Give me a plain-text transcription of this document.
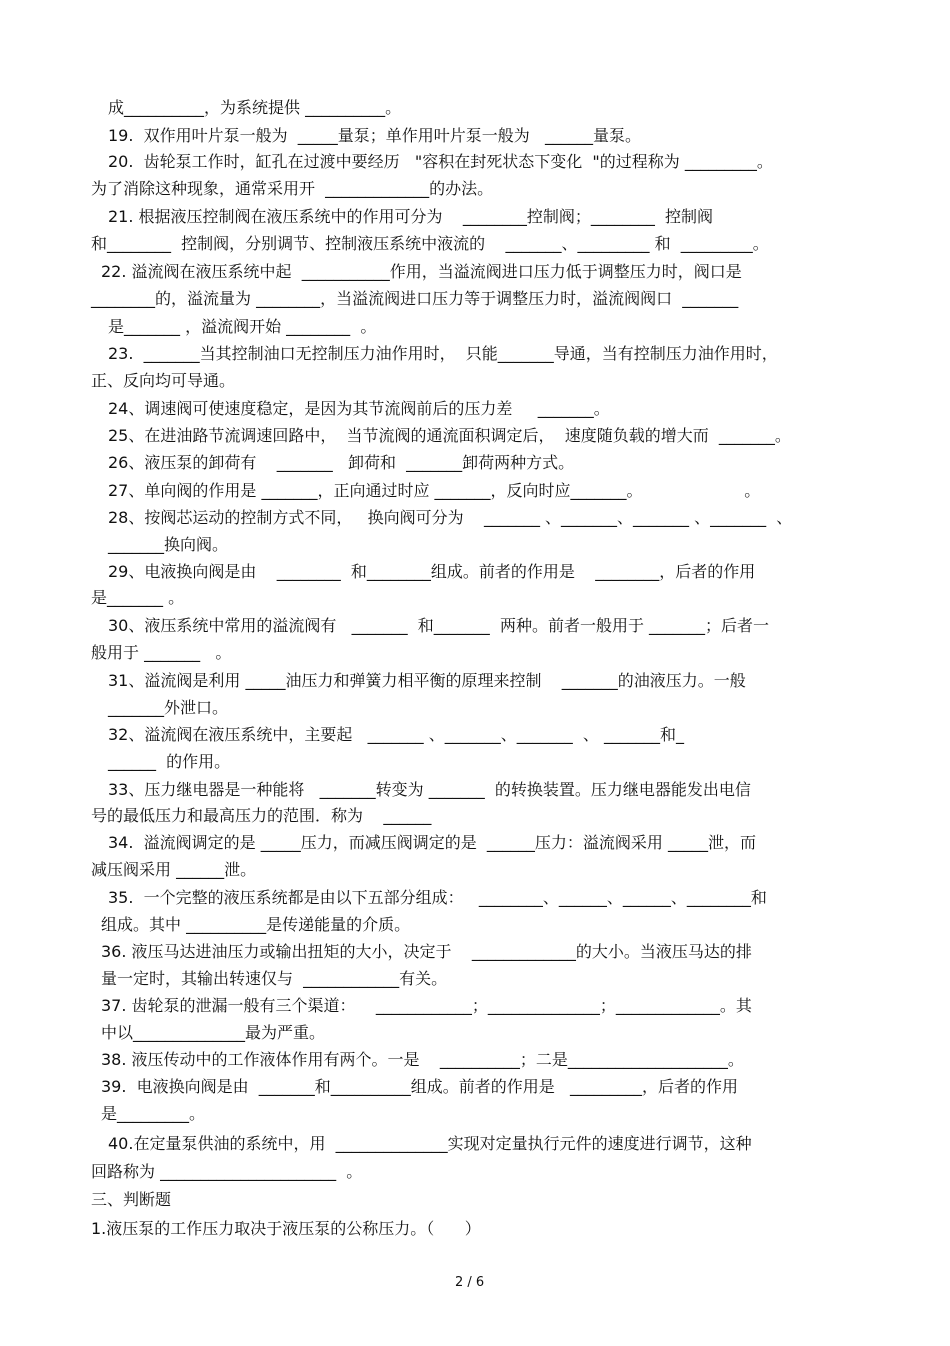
成__________，为系统提供 __________。
19.  双作用叶片泵一般为  _____量泵；单作用叶片泵一般为   ______量泵。
20.  齿轮泵工作时，缸孔在过渡中要经历   "容积在封死状态下变化  "的过程称为 _________。
为了消除这种现象，通常采用开  _____________的办法。
21. 根据液压控制阀在液压系统中的作用可分为    ________控制阀；________  控制阀
和________  控制阀，分别调节、控制液压系统中液流的    _______、_________ 和  _________。
22. 溢流阀在液压系统中起  ___________作用，当溢流阀进口压力低于调整压力时，阀口是
________的，溢流量为 ________，当溢流阀进口压力等于调整压力时，溢流阀阀口  _______
是_______ ，溢流阀开始 ________  。
23.  _______当其控制油口无控制压力油作用时，  只能_______导通，当有控制压力油作用时，
正、反向均可导通。
24、调速阀可使速度稳定，是因为其节流阀前后的压力差     _______。
25、在进油路节流调速回路中，  当节流阀的通流面积调定后，  速度随负载的增大而  _______。
26、液压泵的卸荷有    _______   卸荷和  _______卸荷两种方式。
27、单向阀的作用是 _______，正向通过时应 _______，反向时应_______。                    。
28、按阀芯运动的控制方式不同，   换向阀可分为    _______ 、_______、_______ 、_______  、
_______换向阀。
29、电液换向阀是由    ________  和________组成。前者的作用是    ________，后者的作用
是_______ 。
30、液压系统中常用的溢流阀有   _______  和_______  两种。前者一般用于 _______；后者一
般用于 _______   。
31、溢流阀是利用 _____油压力和弹簧力相平衡的原理来控制    _______的油液压力。一般
_______外泄口。
32、溢流阀在液压系统中，主要起   _______ 、_______、_______  、 _______和_
______  的作用。
33、压力继电器是一种能将   _______转变为 _______  的转换装置。压力继电器能发出电信
号的最低压力和最高压力的范围．称为    ______
34.  溢流阀调定的是 _____压力，而减压阀调定的是  ______压力：溢流阀采用 _____泄，而
减压阀采用 ______泄。
35.  一个完整的液压系统都是由以下五部分组成：   ________、______、______、________和
组成。其中 __________是传递能量的介质。
36. 液压马达进油压力或输出扭矩的大小，决定于    _____________的大小。当液压马达的排
量一定时，其输出转速仅与  ____________有关。
37. 齿轮泵的泄漏一般有三个渠道：    ____________；______________；_____________。其
中以______________最为严重。
38. 液压传动中的工作液体作用有两个。一是    __________；二是____________________。
39.  电液换向阀是由  _______和__________组成。前者的作用是   _________，后者的作用
是_________。
40.在定量泵供油的系统中，用  ______________实现对定量执行元件的速度进行调节，这种
回路称为 ______________________  。
三、判断题
1.液压泵的工作压力取决于液压泵的公称压力。（      ）
2 / 6
